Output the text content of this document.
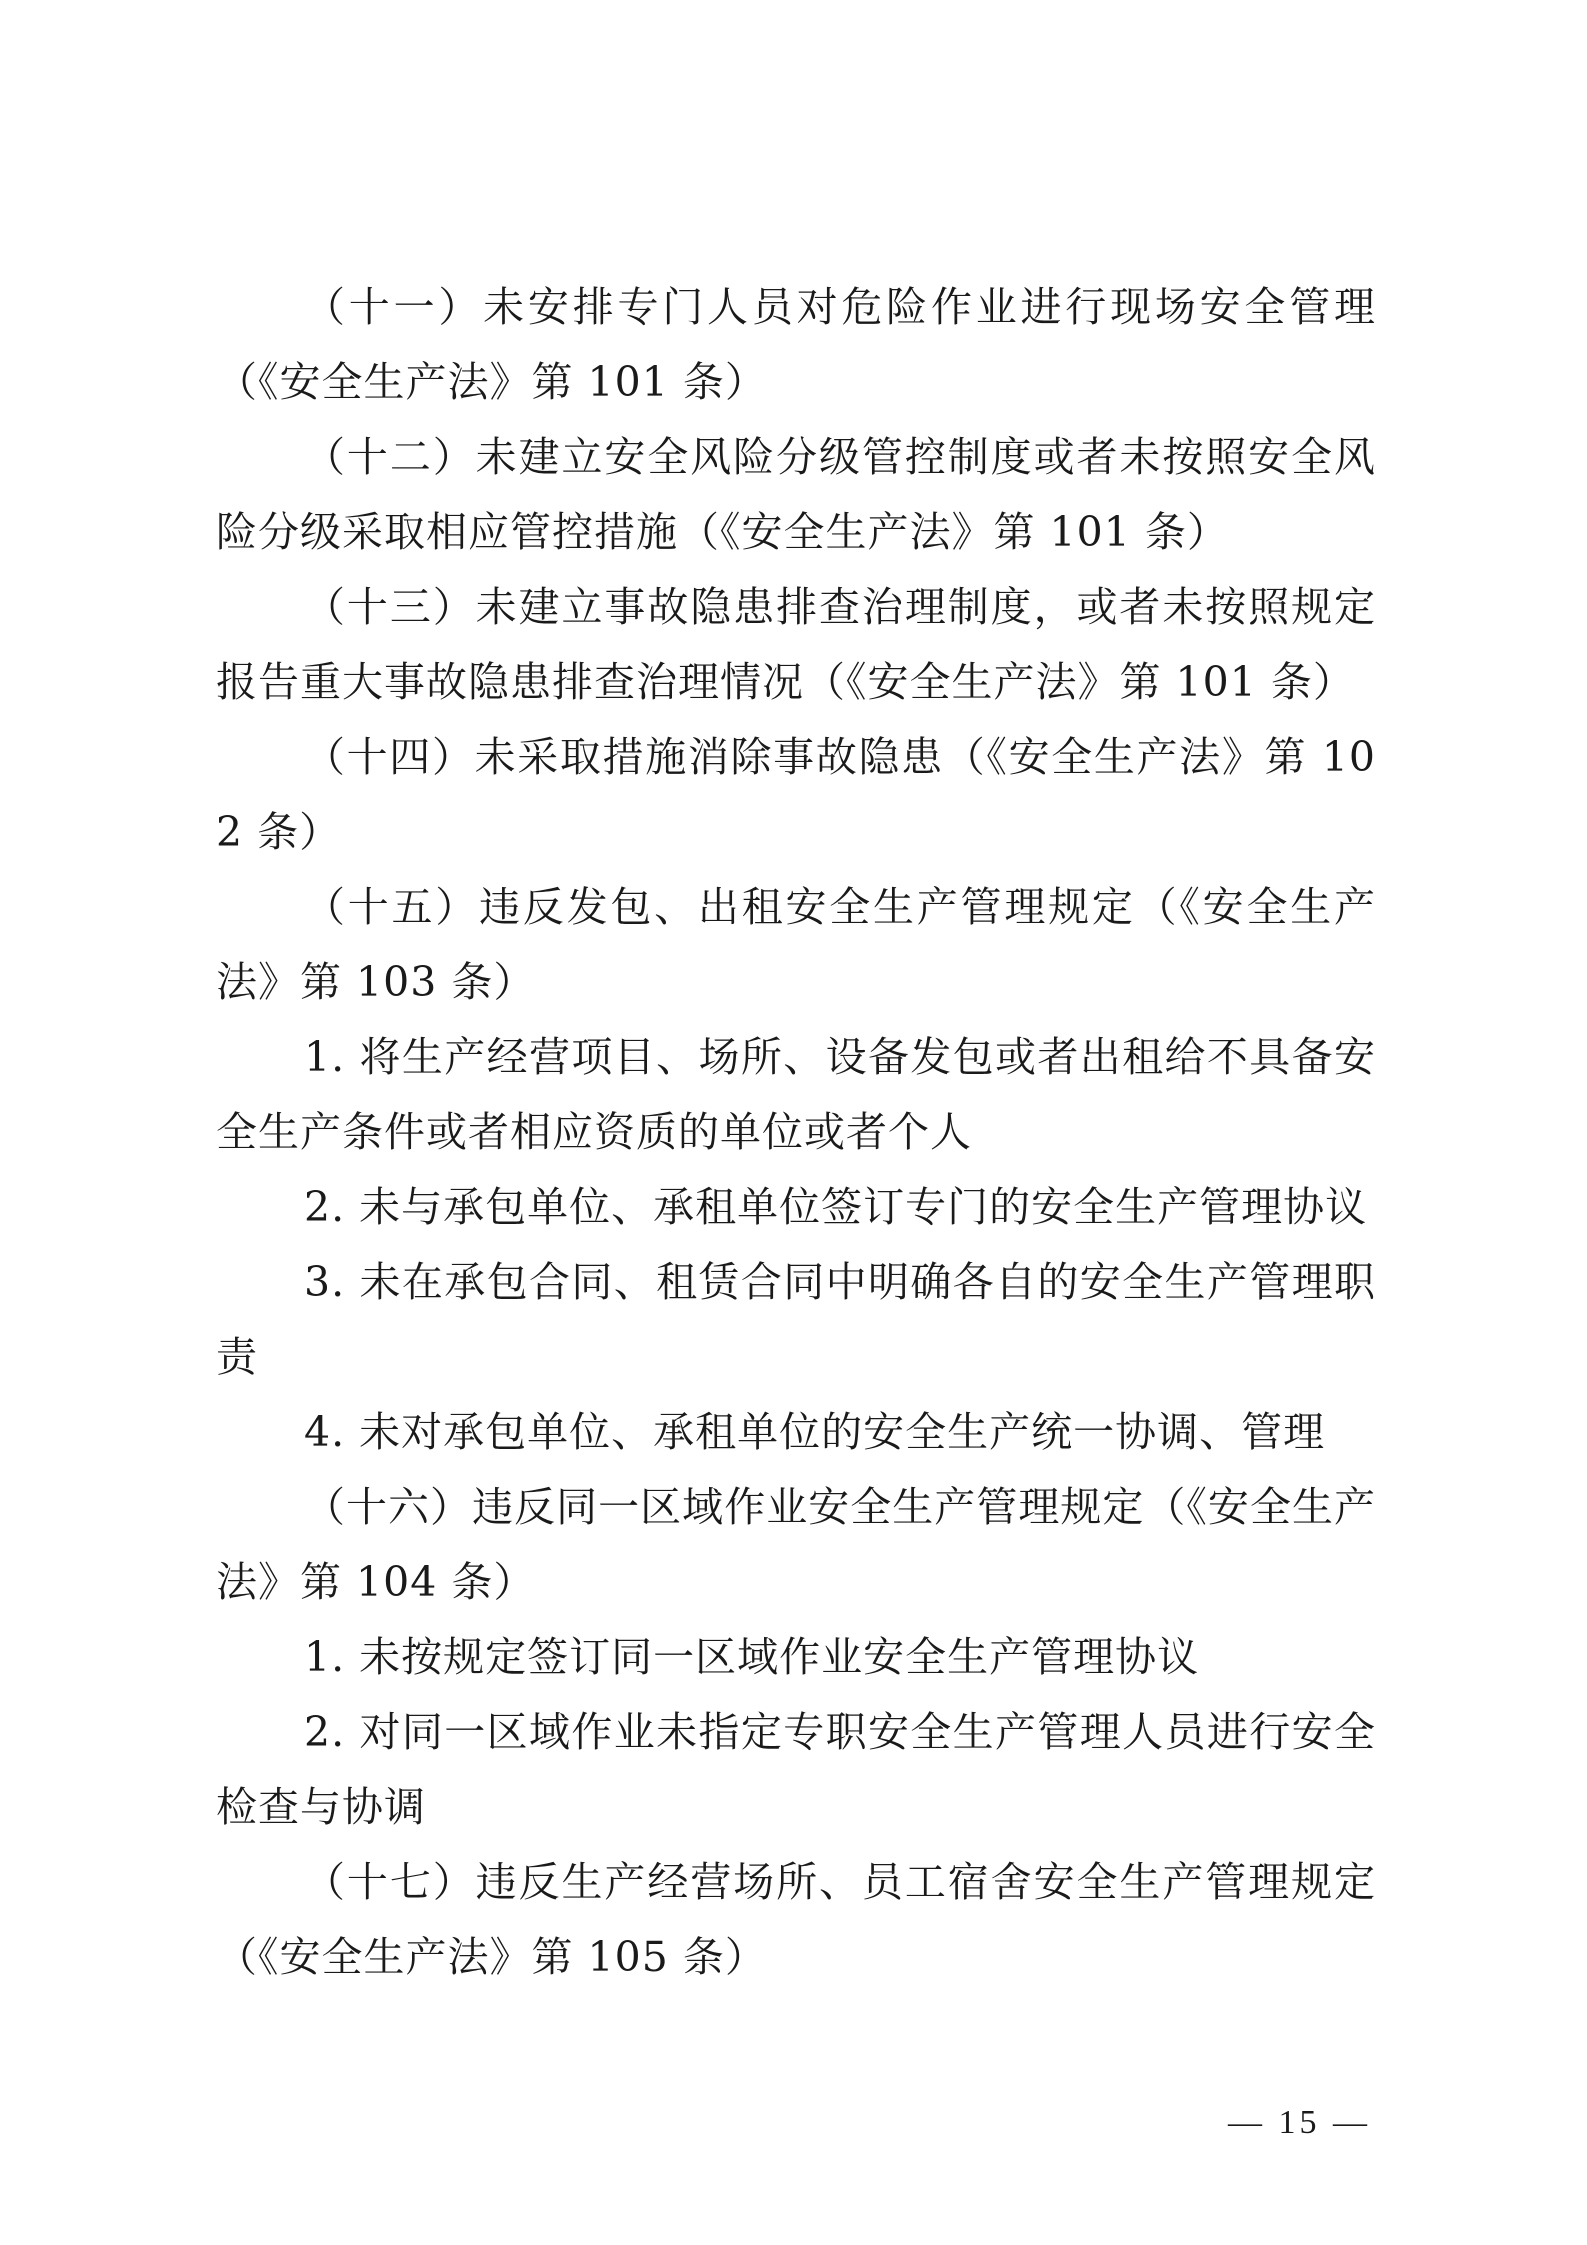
（十一）未安排专门人员对危险作业进行现场安全管理（《安全生产法》第 101 条）

（十二）未建立安全风险分级管控制度或者未按照安全风险分级采取相应管控措施（《安全生产法》第 101 条）

（十三）未建立事故隐患排查治理制度，或者未按照规定报告重大事故隐患排查治理情况（《安全生产法》第 101 条）

（十四）未采取措施消除事故隐患（《安全生产法》第 102 条）

（十五）违反发包、出租安全生产管理规定（《安全生产法》第 103 条）

1. 将生产经营项目、场所、设备发包或者出租给不具备安全生产条件或者相应资质的单位或者个人

2. 未与承包单位、承租单位签订专门的安全生产管理协议

3. 未在承包合同、租赁合同中明确各自的安全生产管理职责

4. 未对承包单位、承租单位的安全生产统一协调、管理

（十六）违反同一区域作业安全生产管理规定（《安全生产法》第 104 条）

1. 未按规定签订同一区域作业安全生产管理协议

2. 对同一区域作业未指定专职安全生产管理人员进行安全检查与协调

（十七）违反生产经营场所、员工宿舍安全生产管理规定（《安全生产法》第 105 条）

— 15 —
